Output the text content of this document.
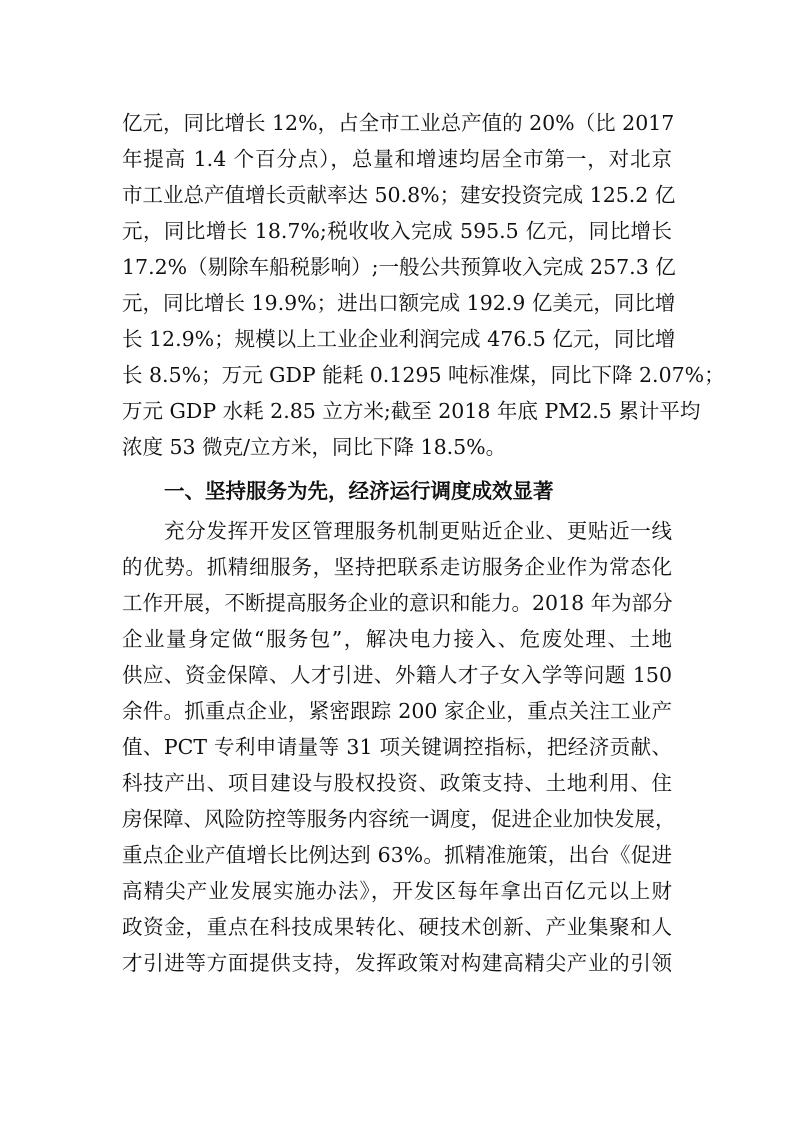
亿元，同比增长 12%，占全市工业总产值的 20%（比 2017
年提高 1.4 个百分点），总量和增速均居全市第一，对北京
市工业总产值增长贡献率达 50.8%；建安投资完成 125.2 亿
元，同比增长 18.7%;税收收入完成 595.5 亿元，同比增长
17.2%（剔除车船税影响）;一般公共预算收入完成 257.3 亿
元，同比增长 19.9%；进出口额完成 192.9 亿美元，同比增
长 12.9%；规模以上工业企业利润完成 476.5 亿元，同比增
长 8.5%；万元 GDP 能耗 0.1295 吨标准煤，同比下降 2.07%；
万元 GDP 水耗 2.85 立方米;截至 2018 年底 PM2.5 累计平均
浓度 53 微克/立方米，同比下降 18.5%。
一、坚持服务为先，经济运行调度成效显著
充分发挥开发区管理服务机制更贴近企业、更贴近一线
的优势。抓精细服务，坚持把联系走访服务企业作为常态化
工作开展，不断提高服务企业的意识和能力。2018 年为部分
企业量身定做“服务包”，解决电力接入、危废处理、土地
供应、资金保障、人才引进、外籍人才子女入学等问题 150
余件。抓重点企业，紧密跟踪 200 家企业，重点关注工业产
值、PCT 专利申请量等 31 项关键调控指标，把经济贡献、
科技产出、项目建设与股权投资、政策支持、土地利用、住
房保障、风险防控等服务内容统一调度，促进企业加快发展，
重点企业产值增长比例达到 63%。抓精准施策，出台《促进
高精尖产业发展实施办法》，开发区每年拿出百亿元以上财
政资金，重点在科技成果转化、硬技术创新、产业集聚和人
才引进等方面提供支持，发挥政策对构建高精尖产业的引领
